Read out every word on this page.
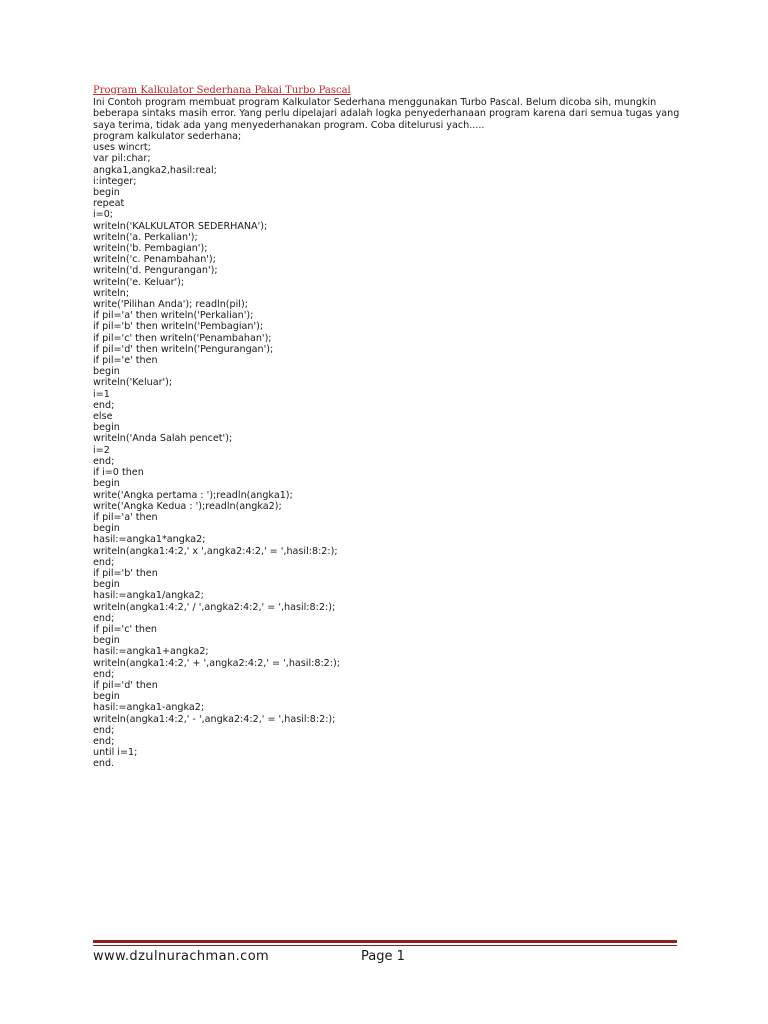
Program Kalkulator Sederhana Pakai Turbo Pascal
Ini Contoh program membuat program Kalkulator Sederhana menggunakan Turbo Pascal. Belum dicoba sih, mungkin
beberapa sintaks masih error. Yang perlu dipelajari adalah logka penyederhanaan program karena dari semua tugas yang
saya terima, tidak ada yang menyederhanakan program. Coba ditelurusi yach.....
program kalkulator sederhana;
uses wincrt;
var pil:char;
angka1,angka2,hasil:real;
i:integer;
begin
repeat
i=0;
writeln('KALKULATOR SEDERHANA');
writeln('a. Perkalian');
writeln('b. Pembagian');
writeln('c. Penambahan');
writeln('d. Pengurangan');
writeln('e. Keluar');
writeln;
write('Pilihan Anda'); readln(pil);
if pil='a' then writeln('Perkalian');
if pil='b' then writeln('Pembagian');
if pil='c' then writeln('Penambahan');
if pil='d' then writeln('Pengurangan');
if pil='e' then
begin
writeln('Keluar');
i=1
end;
else
begin
writeln('Anda Salah pencet');
i=2
end;
if i=0 then
begin
write('Angka pertama : ');readln(angka1);
write('Angka Kedua : ');readln(angka2);
if pil='a' then
begin
hasil:=angka1*angka2;
writeln(angka1:4:2,' x ',angka2:4:2,' = ',hasil:8:2:);
end;
if pil='b' then
begin
hasil:=angka1/angka2;
writeln(angka1:4:2,' / ',angka2:4:2,' = ',hasil:8:2:);
end;
if pil='c' then
begin
hasil:=angka1+angka2;
writeln(angka1:4:2,' + ',angka2:4:2,' = ',hasil:8:2:);
end;
if pil='d' then
begin
hasil:=angka1-angka2;
writeln(angka1:4:2,' - ',angka2:4:2,' = ',hasil:8:2:);
end;
end;
until i=1;
end.
www.dzulnurachman.com	Page 1
